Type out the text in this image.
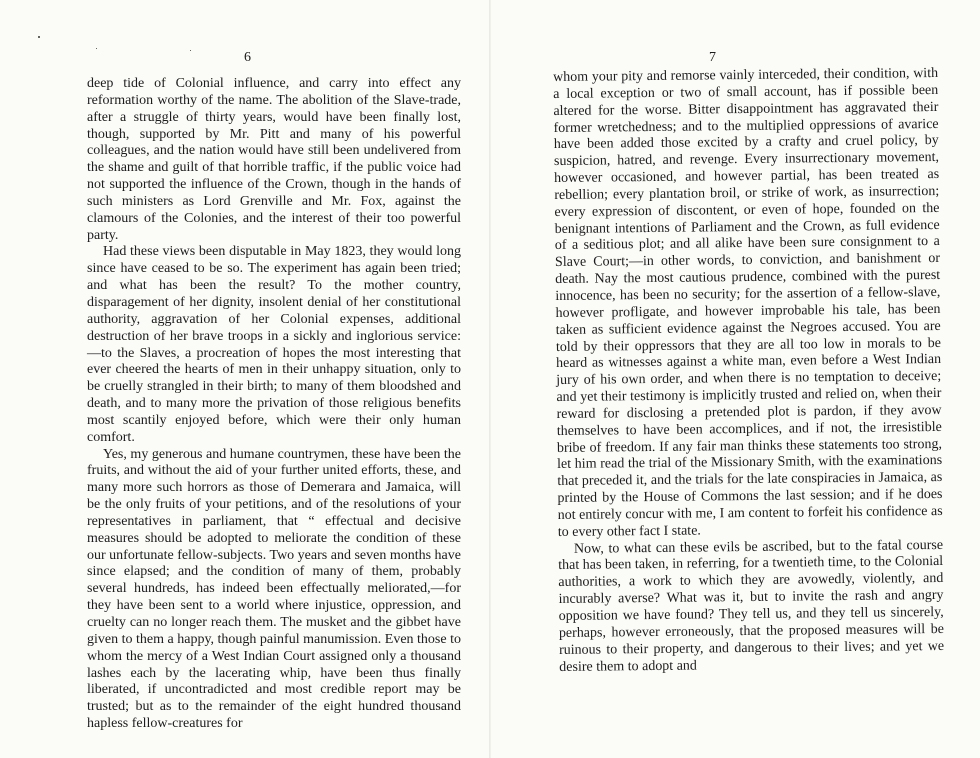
6

deep tide of Colonial influence, and carry into effect any reformation worthy of the name. The abolition of the Slave-trade, after a struggle of thirty years, would have been finally lost, though, supported by Mr. Pitt and many of his powerful colleagues, and the nation would have still been undelivered from the shame and guilt of that horrible traffic, if the public voice had not supported the influence of the Crown, though in the hands of such ministers as Lord Grenville and Mr. Fox, against the clamours of the Colonies, and the interest of their too powerful party.

Had these views been disputable in May 1823, they would long since have ceased to be so. The experiment has again been tried; and what has been the result? To the mother country, disparagement of her dignity, insolent denial of her constitutional authority, aggravation of her Colonial expenses, additional destruction of her brave troops in a sickly and inglorious service:—to the Slaves, a procreation of hopes the most interesting that ever cheered the hearts of men in their unhappy situation, only to be cruelly strangled in their birth; to many of them bloodshed and death, and to many more the privation of those religious benefits most scantily enjoyed before, which were their only human comfort.

Yes, my generous and humane countrymen, these have been the fruits, and without the aid of your further united efforts, these, and many more such horrors as those of Demerara and Jamaica, will be the only fruits of your petitions, and of the resolutions of your representatives in parliament, that “ effectual and decisive measures should be adopted to meliorate the condition of these our unfortunate fellow-subjects. Two years and seven months have since elapsed; and the condition of many of them, probably several hundreds, has indeed been effectually meliorated,—for they have been sent to a world where injustice, oppression, and cruelty can no longer reach them. The musket and the gibbet have given to them a happy, though painful manumission. Even those to whom the mercy of a West Indian Court assigned only a thousand lashes each by the lacerating whip, have been thus finally liberated, if uncontradicted and most credible report may be trusted; but as to the remainder of the eight hundred thousand hapless fellow-creatures for

7

whom your pity and remorse vainly interceded, their condition, with a local exception or two of small account, has if possible been altered for the worse. Bitter disappointment has aggravated their former wretchedness; and to the multiplied oppressions of avarice have been added those excited by a crafty and cruel policy, by suspicion, hatred, and revenge. Every insurrectionary movement, however occasioned, and however partial, has been treated as rebellion; every plantation broil, or strike of work, as insurrection; every expression of discontent, or even of hope, founded on the benignant intentions of Parliament and the Crown, as full evidence of a seditious plot; and all alike have been sure consignment to a Slave Court;—in other words, to conviction, and banishment or death. Nay the most cautious prudence, combined with the purest innocence, has been no security; for the assertion of a fellow-slave, however profligate, and however improbable his tale, has been taken as sufficient evidence against the Negroes accused. You are told by their oppressors that they are all too low in morals to be heard as witnesses against a white man, even before a West Indian jury of his own order, and when there is no temptation to deceive; and yet their testimony is implicitly trusted and relied on, when their reward for disclosing a pretended plot is pardon, if they avow themselves to have been accomplices, and if not, the irresistible bribe of freedom. If any fair man thinks these statements too strong, let him read the trial of the Missionary Smith, with the examinations that preceded it, and the trials for the late conspiracies in Jamaica, as printed by the House of Commons the last session; and if he does not entirely concur with me, I am content to forfeit his confidence as to every other fact I state.

Now, to what can these evils be ascribed, but to the fatal course that has been taken, in referring, for a twentieth time, to the Colonial authorities, a work to which they are avowedly, violently, and incurably averse? What was it, but to invite the rash and angry opposition we have found? They tell us, and they tell us sincerely, perhaps, however erroneously, that the proposed measures will be ruinous to their property, and dangerous to their lives; and yet we desire them to adopt and
